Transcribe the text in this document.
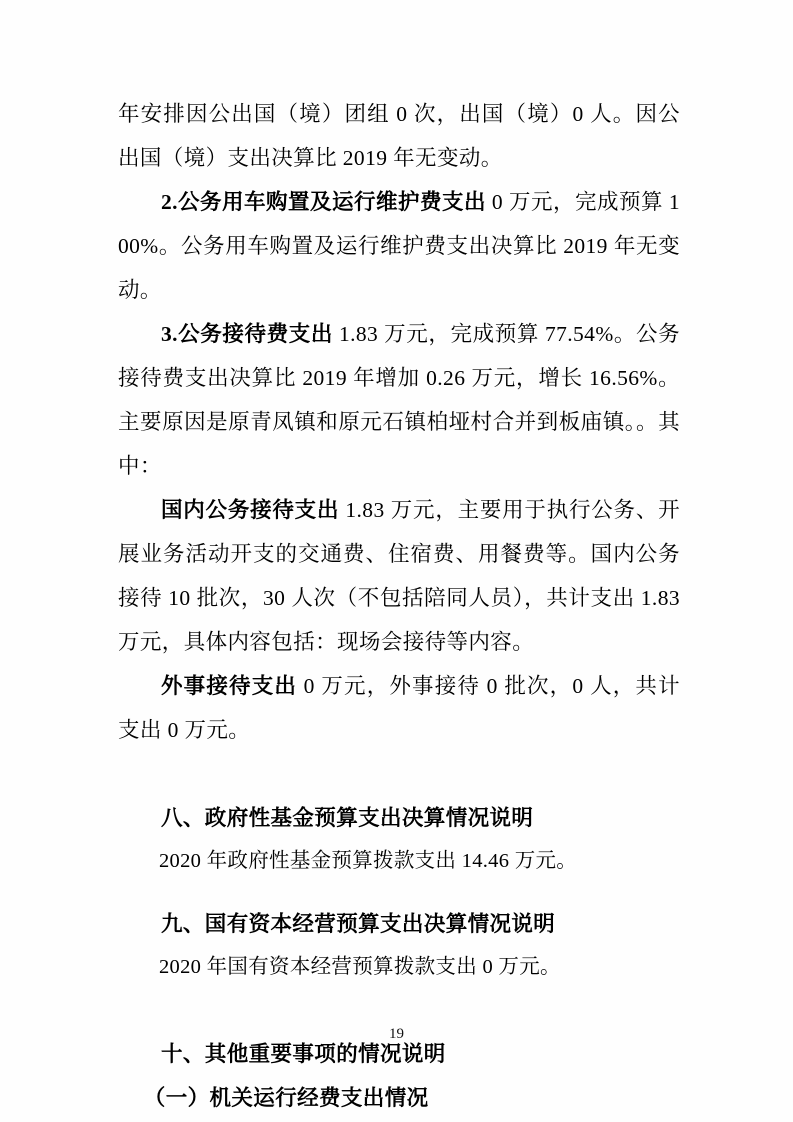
年安排因公出国（境）团组 0 次，出国（境）0 人。因公出国（境）支出决算比 2019 年无变动。

2.公务用车购置及运行维护费支出 0 万元，完成预算 100%。公务用车购置及运行维护费支出决算比 2019 年无变动。

3.公务接待费支出 1.83 万元，完成预算 77.54%。公务接待费支出决算比 2019 年增加 0.26 万元，增长 16.56%。主要原因是原青凤镇和原元石镇柏垭村合并到板庙镇。。其中：

国内公务接待支出 1.83 万元，主要用于执行公务、开展业务活动开支的交通费、住宿费、用餐费等。国内公务接待 10 批次，30 人次（不包括陪同人员），共计支出 1.83 万元，具体内容包括：现场会接待等内容。

外事接待支出 0 万元，外事接待 0 批次，0 人，共计支出 0 万元。

八、政府性基金预算支出决算情况说明

2020 年政府性基金预算拨款支出 14.46 万元。

九、国有资本经营预算支出决算情况说明

2020 年国有资本经营预算拨款支出 0 万元。

十、其他重要事项的情况说明

（一）机关运行经费支出情况

19
